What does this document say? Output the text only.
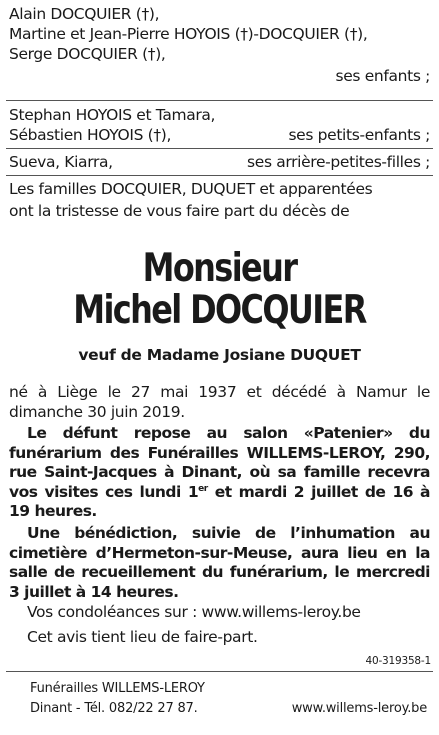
Alain DOCQUIER (†),
Martine et Jean-Pierre HOYOIS (†)-DOCQUIER (†),
Serge DOCQUIER (†),
ses enfants ;
Stephan HOYOIS et Tamara,
Sébastien HOYOIS (†),	ses petits-enfants ;
Sueva, Kiarra,	ses arrière-petites-filles ;
Les familles DOCQUIER, DUQUET et apparentées
ont la tristesse de vous faire part du décès de
Monsieur
Michel DOCQUIER
veuf de Madame Josiane DUQUET
né à Liège le 27 mai 1937 et décédé à Namur le dimanche 30 juin 2019.
Le défunt repose au salon «Patenier» du funérarium des Funérailles WILLEMS-LEROY, 290, rue Saint-Jacques à Dinant, où sa famille recevra vos visites ces lundi 1er et mardi 2 juillet de 16 à 19 heures.
Une bénédiction, suivie de l’inhumation au cimetière d’Hermeton-sur-Meuse, aura lieu en la salle de recueillement du funérarium, le mercredi 3 juillet à 14 heures.
Vos condoléances sur : www.willems-leroy.be
Cet avis tient lieu de faire-part.
40-319358-1
Funérailles WILLEMS-LEROY
Dinant - Tél. 082/22 27 87.	www.willems-leroy.be
